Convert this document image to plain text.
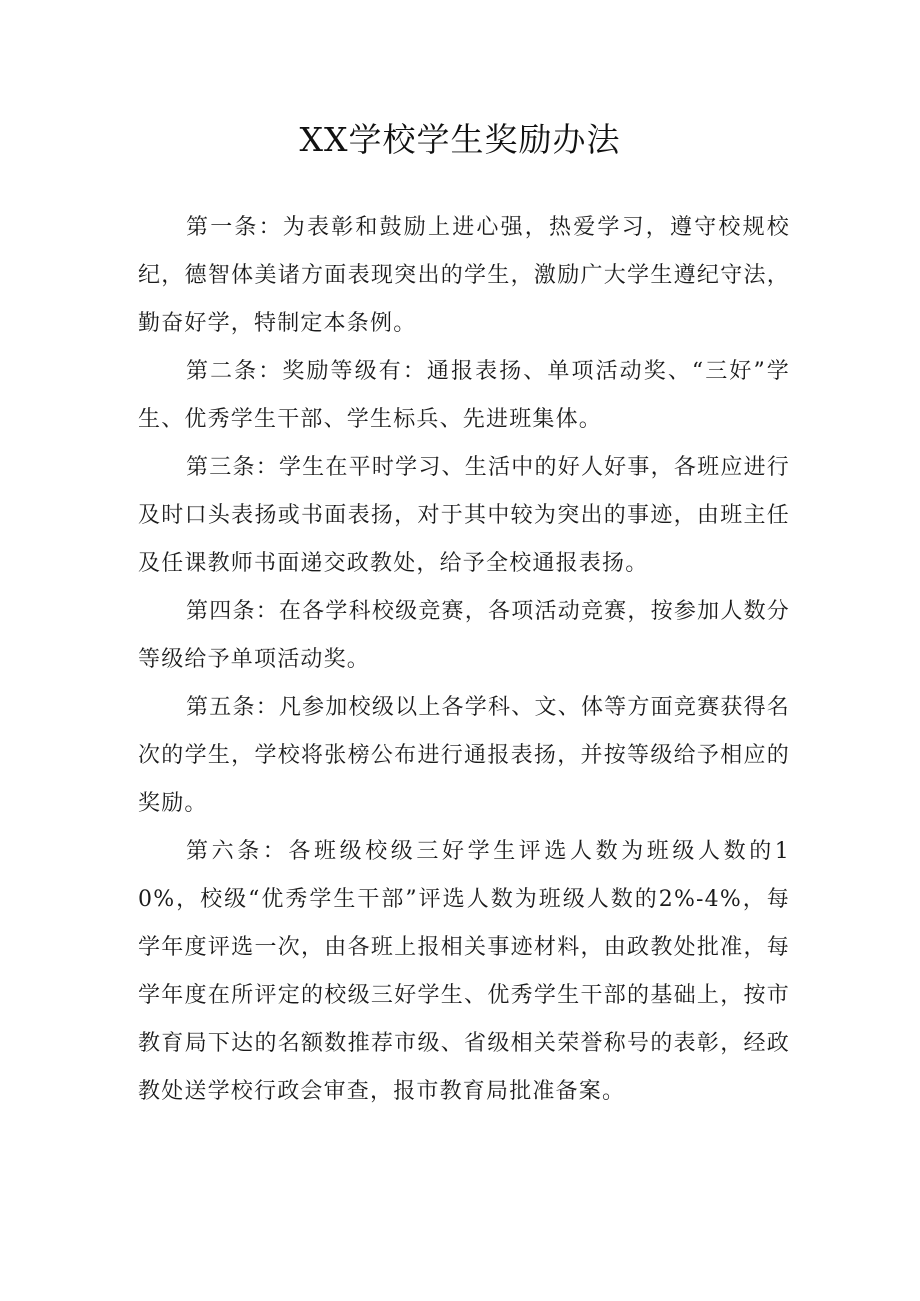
XX学校学生奖励办法

第一条：为表彰和鼓励上进心强，热爱学习，遵守校规校纪，德智体美诸方面表现突出的学生，激励广大学生遵纪守法，勤奋好学，特制定本条例。

第二条：奖励等级有：通报表扬、单项活动奖、“三好”学生、优秀学生干部、学生标兵、先进班集体。

第三条：学生在平时学习、生活中的好人好事，各班应进行及时口头表扬或书面表扬，对于其中较为突出的事迹，由班主任及任课教师书面递交政教处，给予全校通报表扬。

第四条：在各学科校级竞赛，各项活动竞赛，按参加人数分等级给予单项活动奖。

第五条：凡参加校级以上各学科、文、体等方面竞赛获得名次的学生，学校将张榜公布进行通报表扬，并按等级给予相应的奖励。

第六条：各班级校级三好学生评选人数为班级人数的10%，校级“优秀学生干部”评选人数为班级人数的2%-4%，每学年度评选一次，由各班上报相关事迹材料，由政教处批准，每学年度在所评定的校级三好学生、优秀学生干部的基础上，按市教育局下达的名额数推荐市级、省级相关荣誉称号的表彰，经政教处送学校行政会审查，报市教育局批准备案。
